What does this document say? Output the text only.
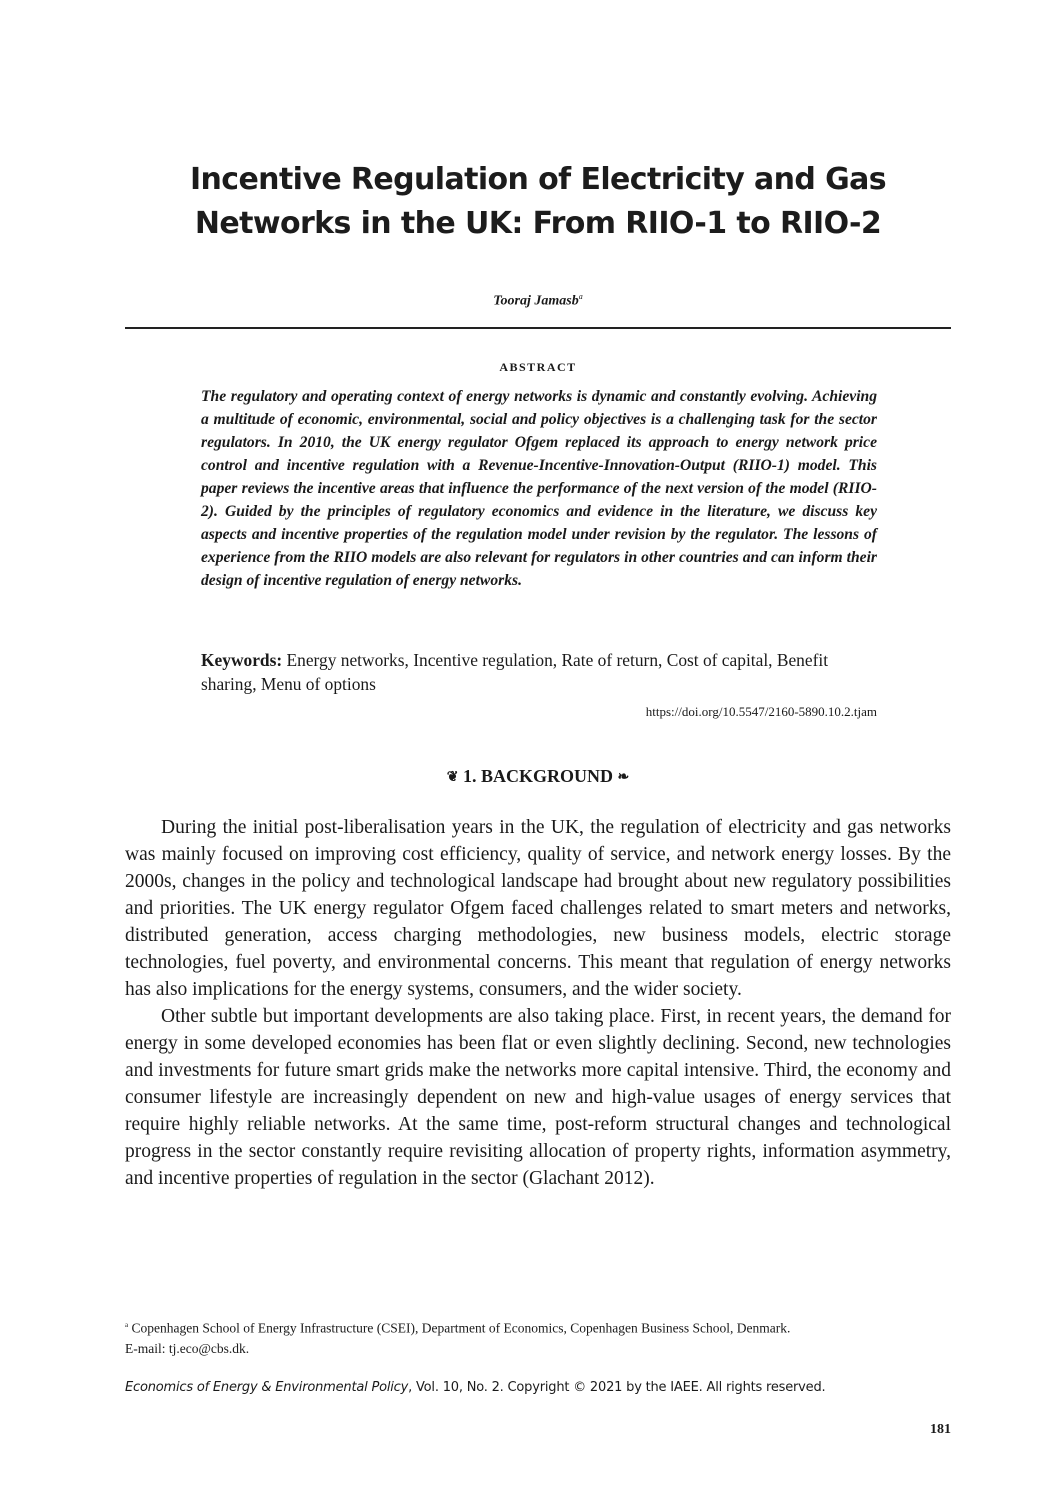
Incentive Regulation of Electricity and Gas
Networks in the UK: From RIIO-1 to RIIO-2
Tooraj Jamasb$^a$
ABSTRACT

The regulatory and operating context of energy networks is dynamic and constantly evolving. Achieving a multitude of economic, environmental, social and policy objectives is a challenging task for the sector regulators. In 2010, the UK energy regulator Ofgem replaced its approach to energy network price control and incentive regulation with a Revenue-Incentive-Innovation-Output (RIIO-1) model. This paper reviews the incentive areas that influence the performance of the next version of the model (RIIO-2). Guided by the principles of regulatory economics and evidence in the literature, we discuss key aspects and incentive properties of the regulation model under revision by the regulator. The lessons of experience from the RIIO models are also relevant for regulators in other countries and can inform their design of incentive regulation of energy networks.

Keywords: Energy networks, Incentive regulation, Rate of return, Cost of capital, Benefit sharing, Menu of options

https://doi.org/10.5547/2160-5890.10.2.tjam
❦ 1. BACKGROUND ❧

During the initial post-liberalisation years in the UK, the regulation of electricity and gas networks was mainly focused on improving cost efficiency, quality of service, and network energy losses. By the 2000s, changes in the policy and technological landscape had brought about new regulatory possibilities and priorities. The UK energy regulator Ofgem faced challenges related to smart meters and networks, distributed generation, access charging methodologies, new business models, electric storage technologies, fuel poverty, and environmental concerns. This meant that regulation of energy networks has also implications for the energy systems, consumers, and the wider society.

Other subtle but important developments are also taking place. First, in recent years, the demand for energy in some developed economies has been flat or even slightly declining. Second, new technologies and investments for future smart grids make the networks more capital intensive. Third, the economy and consumer lifestyle are increasingly dependent on new and high-value usages of energy services that require highly reliable networks. At the same time, post-reform structural changes and technological progress in the sector constantly require revisiting allocation of property rights, information asymmetry, and incentive properties of regulation in the sector (Glachant 2012).

$^a$ Copenhagen School of Energy Infrastructure (CSEI), Department of Economics, Copenhagen Business School, Denmark.
E-mail: tj.eco@cbs.dk.

Economics of Energy & Environmental Policy, Vol. 10, No. 2. Copyright © 2021 by the IAEE. All rights reserved.
181
